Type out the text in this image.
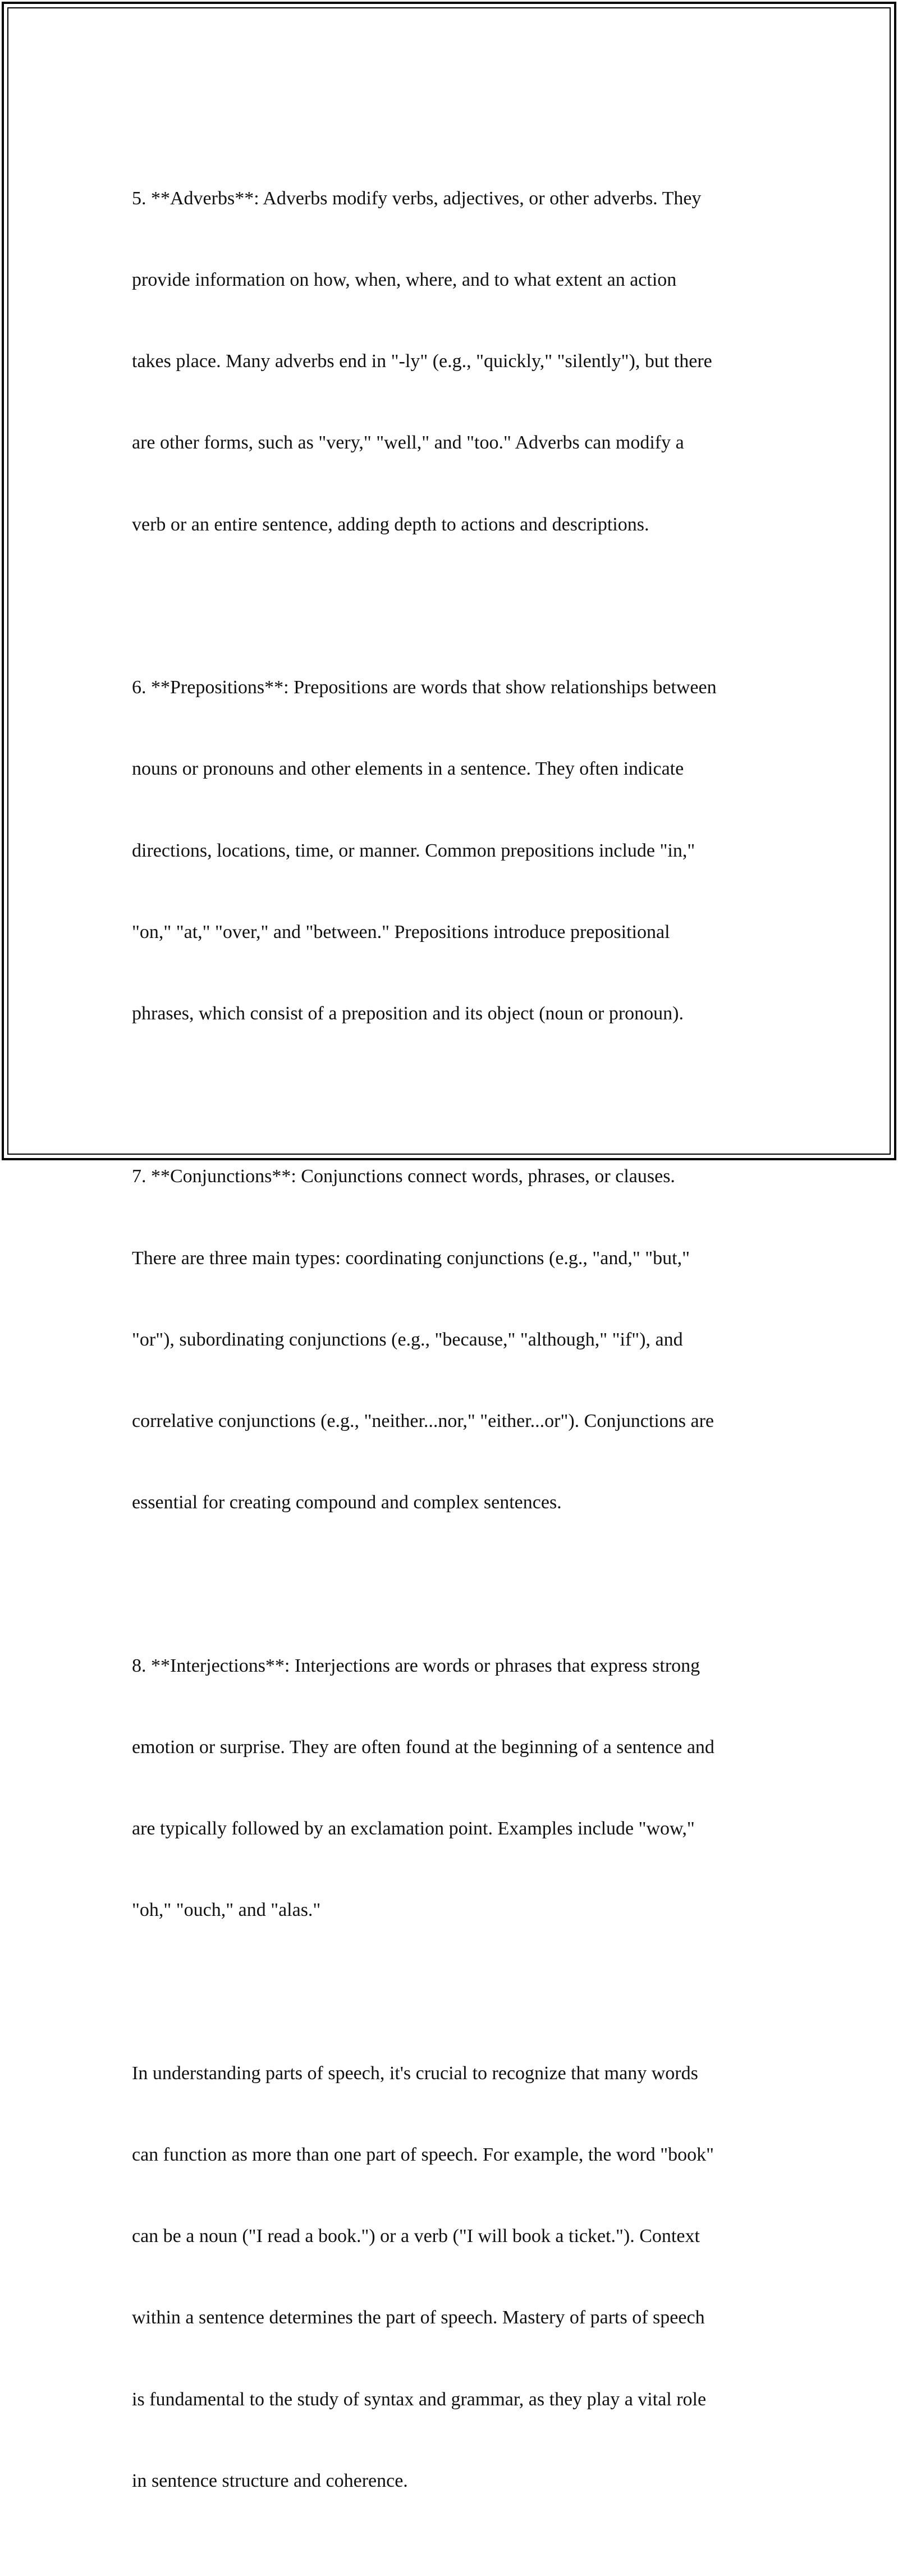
5. **Adverbs**: Adverbs modify verbs, adjectives, or other adverbs. They

provide information on how, when, where, and to what extent an action

takes place. Many adverbs end in "-ly" (e.g., "quickly," "silently"), but there

are other forms, such as "very," "well," and "too." Adverbs can modify a

verb or an entire sentence, adding depth to actions and descriptions.

6. **Prepositions**: Prepositions are words that show relationships between

nouns or pronouns and other elements in a sentence. They often indicate

directions, locations, time, or manner. Common prepositions include "in,"

"on," "at," "over," and "between." Prepositions introduce prepositional

phrases, which consist of a preposition and its object (noun or pronoun).

7. **Conjunctions**: Conjunctions connect words, phrases, or clauses.

There are three main types: coordinating conjunctions (e.g., "and," "but,"

"or"), subordinating conjunctions (e.g., "because," "although," "if"), and

correlative conjunctions (e.g., "neither...nor," "either...or"). Conjunctions are

essential for creating compound and complex sentences.

8. **Interjections**: Interjections are words or phrases that express strong

emotion or surprise. They are often found at the beginning of a sentence and

are typically followed by an exclamation point. Examples include "wow,"

"oh," "ouch," and "alas."

In understanding parts of speech, it's crucial to recognize that many words

can function as more than one part of speech. For example, the word "book"

can be a noun ("I read a book.") or a verb ("I will book a ticket."). Context

within a sentence determines the part of speech. Mastery of parts of speech

is fundamental to the study of syntax and grammar, as they play a vital role

in sentence structure and coherence.
